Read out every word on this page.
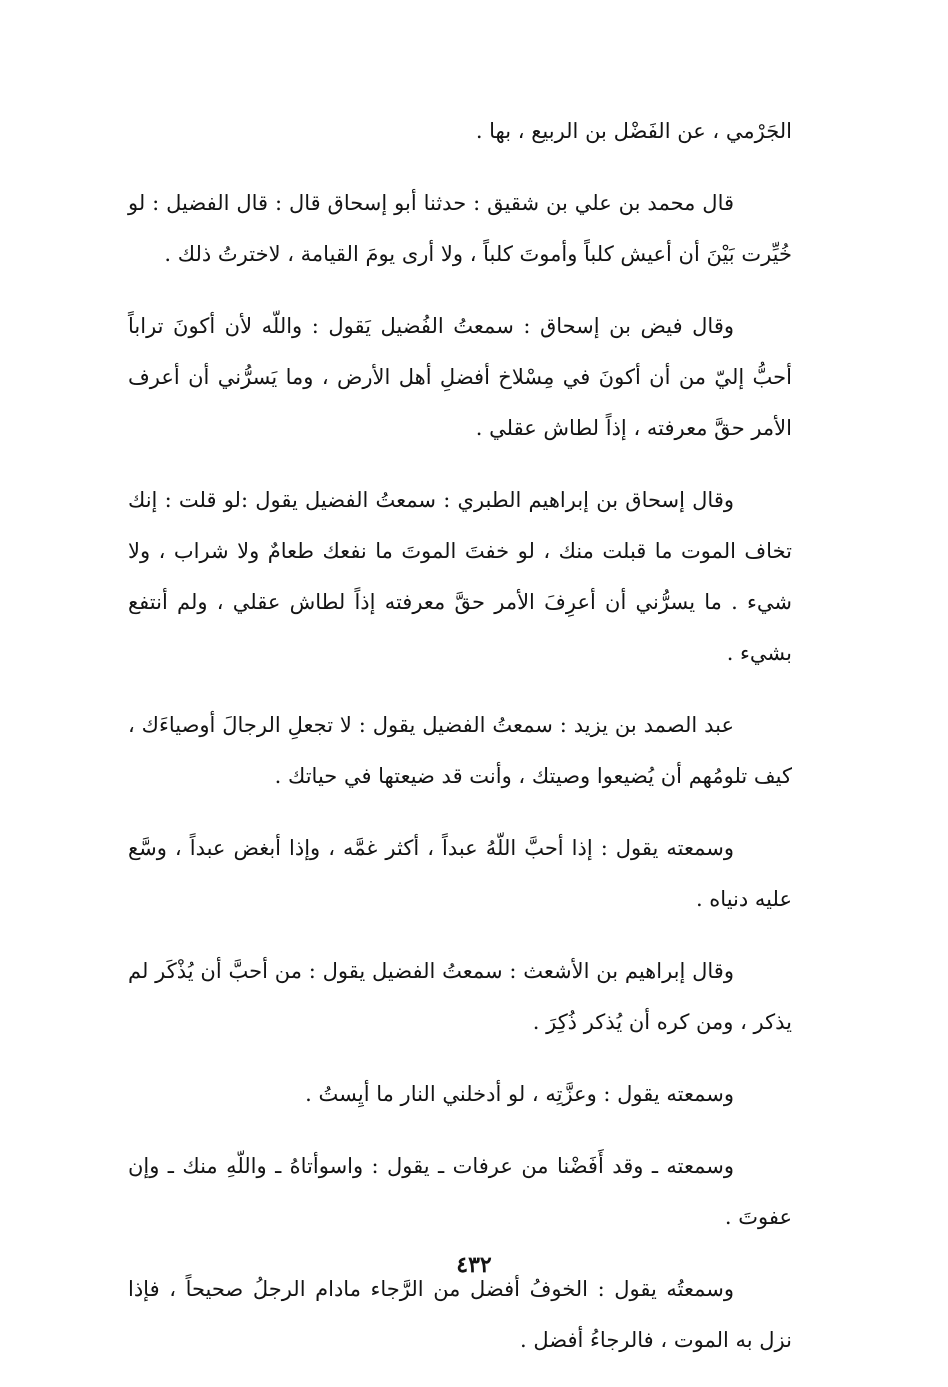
الجَرْمي ، عن الفَضْل بن الربيع ، بها .

قال محمد بن علي بن شقيق : حدثنا أبو إسحاق قال : قال الفضيل : لو خُيِّرت بَيْنَ أن أعيش كلباً وأموتَ كلباً ، ولا أرى يومَ القيامة ، لاخترتُ ذلك .

وقال فيض بن إسحاق : سمعتُ الفُضيل يَقول : واللّه لأن أكونَ تراباً أحبُّ إليّ من أن أكونَ في مِسْلاخ أفضلِ أهل الأرض ، وما يَسرُّني أن أعرف الأمر حقَّ معرفته ، إذاً لطاش عقلي .

وقال إسحاق بن إبراهيم الطبري : سمعتُ الفضيل يقول :لو قلت : إنك تخاف الموت ما قبلت منك ، لو خفتَ الموتَ ما نفعك طعامٌ ولا شراب ، ولا شيء . ما يسرُّني أن أعرِفَ الأمر حقَّ معرفته إذاً لطاش عقلي ، ولم أنتفع بشيء .

عبد الصمد بن يزيد : سمعتُ الفضيل يقول : لا تجعلِ الرجالَ أوصياءَك ، كيف تلومُهم أن يُضيعوا وصيتك ، وأنت قد ضيعتها في حياتك .

وسمعته يقول : إذا أحبَّ اللّهُ عبداً ، أكثر غمَّه ، وإذا أبغض عبداً ، وسَّع عليه دنياه .

وقال إبراهيم بن الأشعث : سمعتُ الفضيل يقول : من أحبَّ أن يُذْكَر لم يذكر ، ومن كره أن يُذكر ذُكِرَ .

وسمعته يقول : وعزَّتِه ، لو أدخلني النار ما أيِستُ .

وسمعته ـ وقد أَفَضْنا من عرفات ـ يقول : واسوأتاهُ ـ واللّهِ منك ـ وإن عفوتَ .

وسمعتُه يقول : الخوفُ أفضل من الرَّجاء مادام الرجلُ صحيحاً ، فإذا نزل به الموت ، فالرجاءُ أفضل .

٤٣٢
